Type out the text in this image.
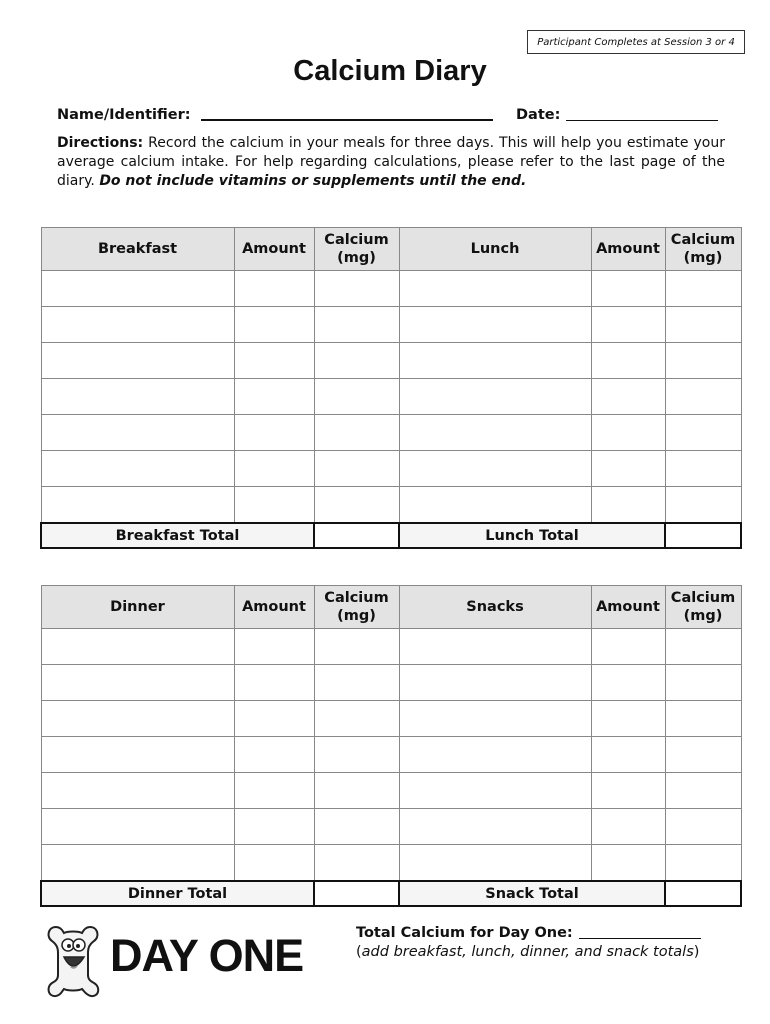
Participant Completes at Session 3 or 4
Calcium Diary
Name/Identifier:	Date:
Directions: Record the calcium in your meals for three days. This will help you estimate your average calcium intake. For help regarding calculations, please refer to the last page of the diary. Do not include vitamins or supplements until the end.
Breakfast	Amount	Calcium (mg)	Lunch	Amount	Calcium (mg)

Breakfast Total			Lunch Total		
Dinner	Amount	Calcium (mg)	Snacks	Amount	Calcium (mg)

Dinner Total			Snack Total		
DAY ONE	Total Calcium for Day One:
(add breakfast, lunch, dinner, and snack totals)
